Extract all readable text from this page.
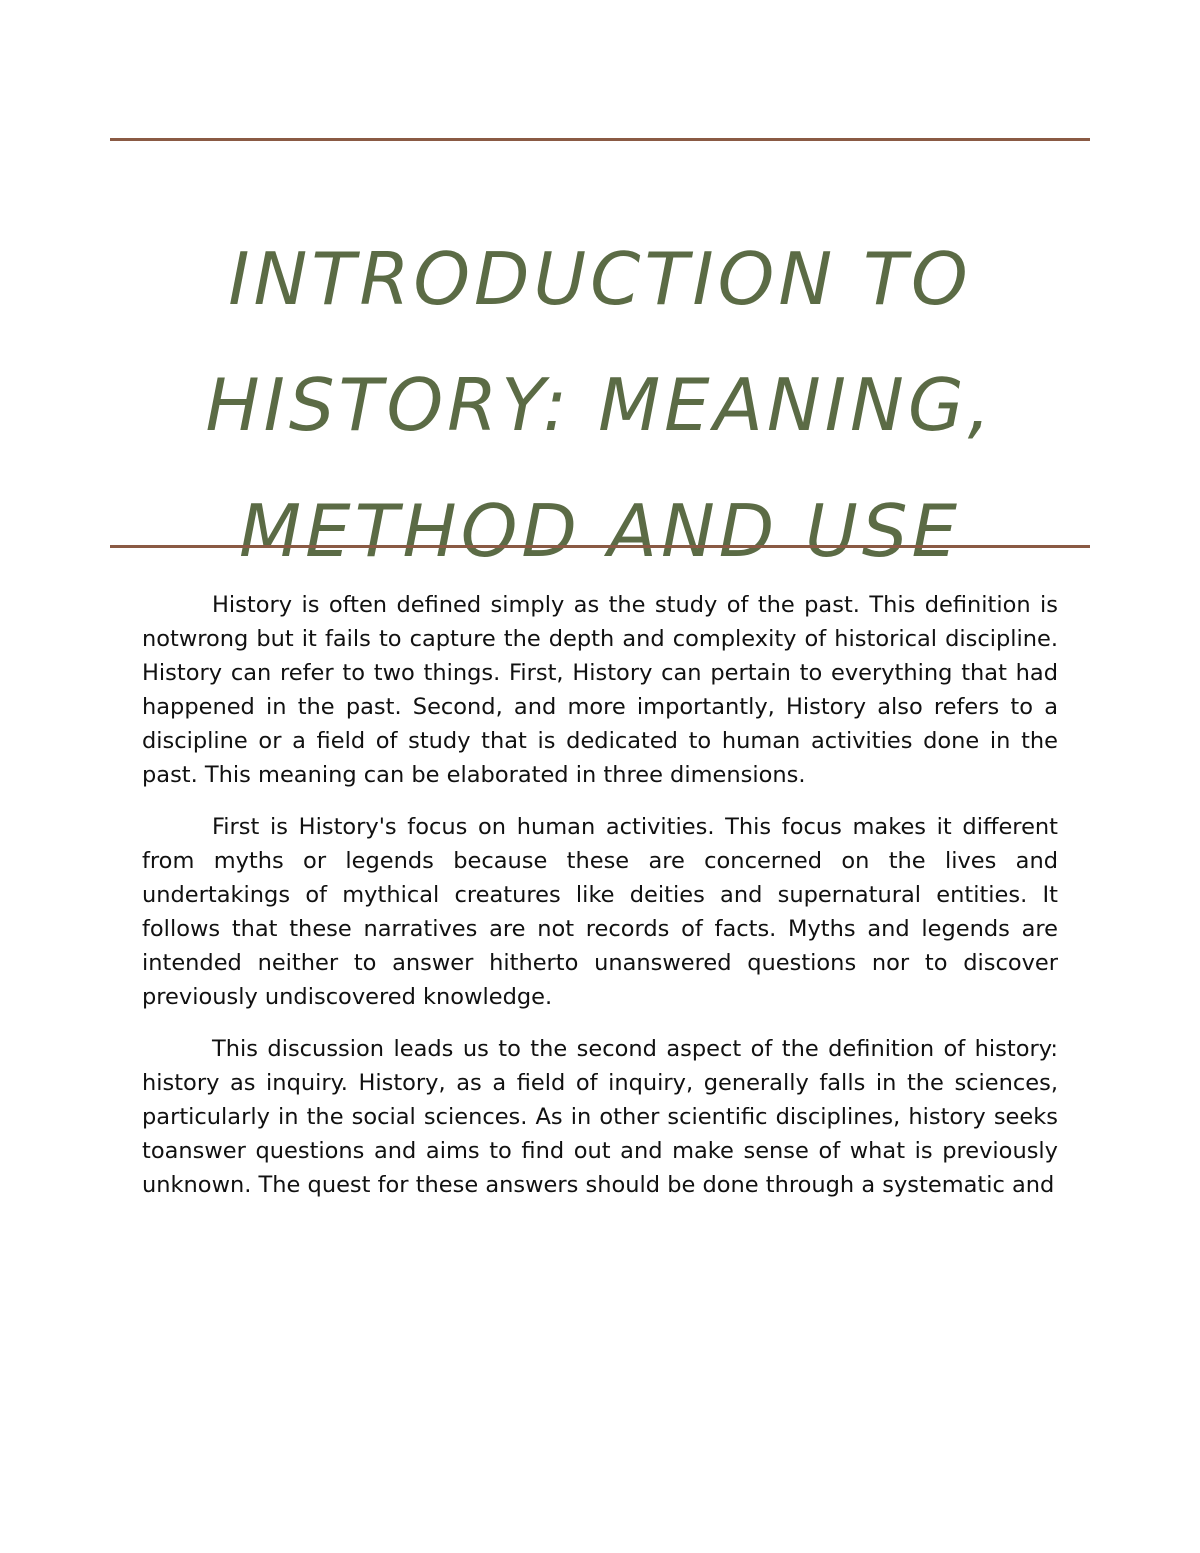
INTRODUCTION TO
HISTORY: MEANING,
METHOD AND USE

History is often defined simply as the study of the past. This definition is notwrong but it fails to capture the depth and complexity of historical discipline. History can refer to two things. First, History can pertain to everything that had happened in the past. Second, and more importantly, History also refers to a discipline or a field of study that is dedicated to human activities done in the past. This meaning can be elaborated in three dimensions.

First is History's focus on human activities. This focus makes it different from myths or legends because these are concerned on the lives and undertakings of mythical creatures like deities and supernatural entities. It follows that these narratives are not records of facts. Myths and legends are intended neither to answer hitherto unanswered questions nor to discover previously undiscovered knowledge.

This discussion leads us to the second aspect of the definition of history: history as inquiry. History, as a field of inquiry, generally falls in the sciences, particularly in the social sciences. As in other scientific disciplines, history seeks toanswer questions and aims to find out and make sense of what is previously unknown. The quest for these answers should be done through a systematic and
